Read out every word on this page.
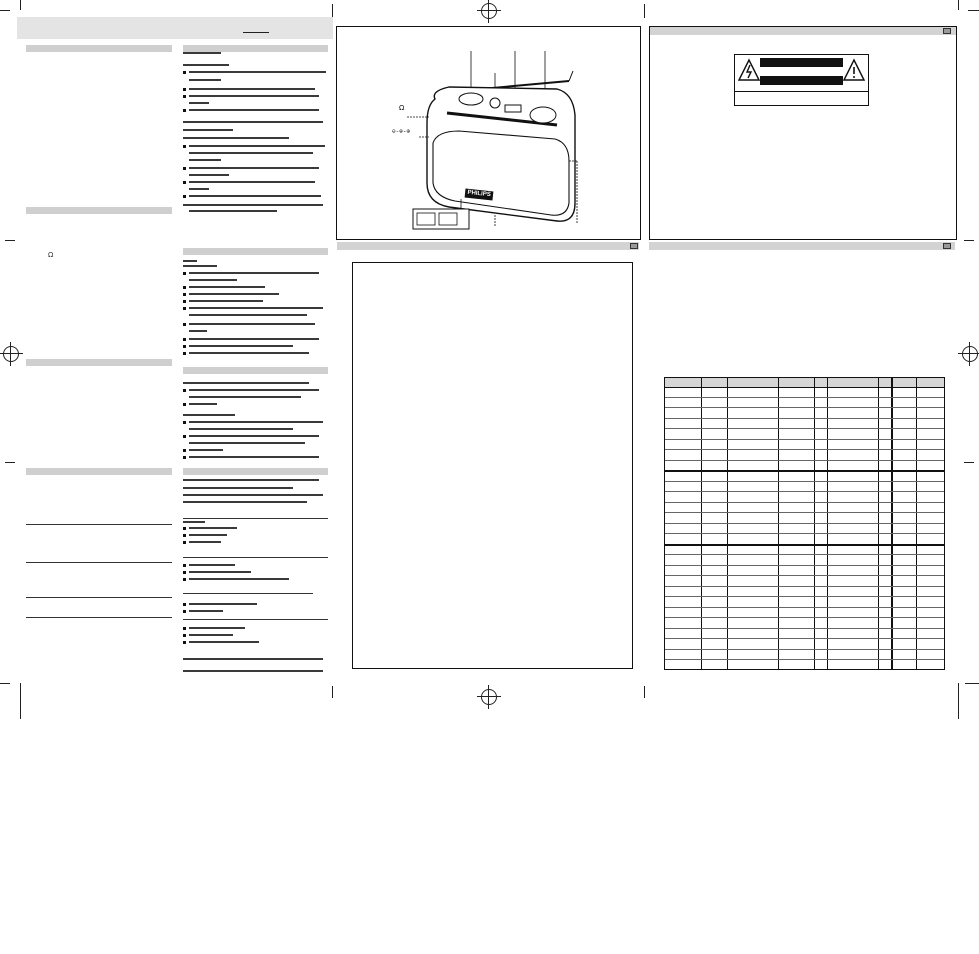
Ω
PHILIPS
Ω
⊖-⊕-⊕
